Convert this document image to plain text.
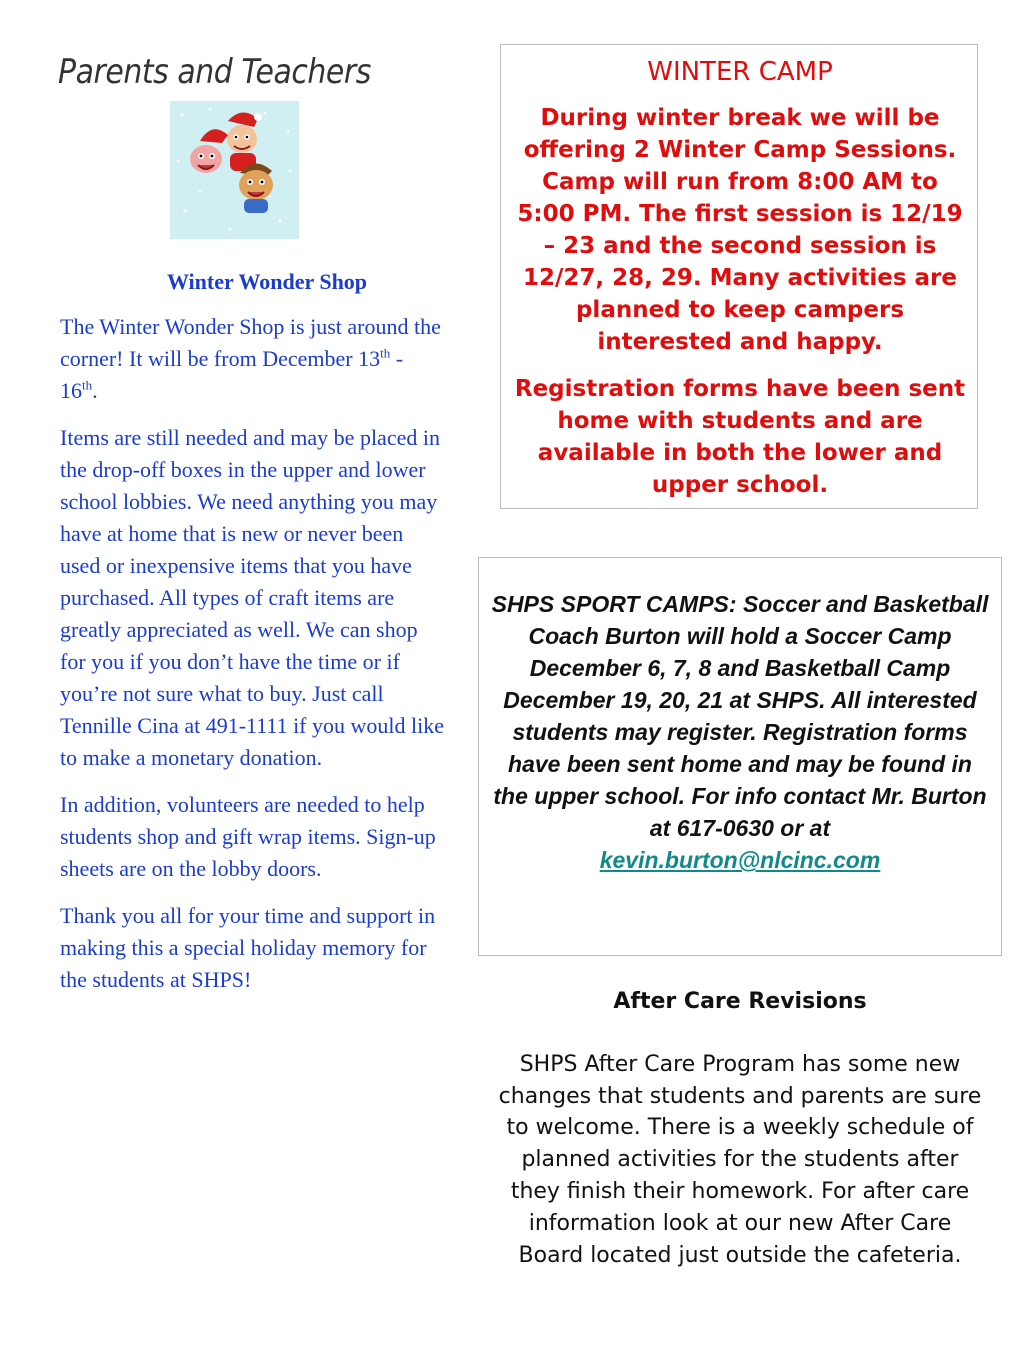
Parents and Teachers
Winter Wonder Shop

The Winter Wonder Shop is just around the corner! It will be from December 13th - 16th.

Items are still needed and may be placed in the drop-off boxes in the upper and lower school lobbies. We need anything you may have at home that is new or never been used or inexpensive items that you have purchased. All types of craft items are greatly appreciated as well. We can shop for you if you don’t have the time or if you’re not sure what to buy. Just call Tennille Cina at 491-1111 if you would like to make a monetary donation.

In addition, volunteers are needed to help students shop and gift wrap items. Sign-up sheets are on the lobby doors.

Thank you all for your time and support in making this a special holiday memory for the students at SHPS!

WINTER CAMP

During winter break we will be offering 2 Winter Camp Sessions. Camp will run from 8:00 AM to 5:00 PM. The first session is 12/19 – 23 and the second session is 12/27, 28, 29. Many activities are planned to keep campers interested and happy.

Registration forms have been sent home with students and are available in both the lower and upper school.

SHPS SPORT CAMPS: Soccer and Basketball
Coach Burton will hold a Soccer Camp December 6, 7, 8 and Basketball Camp December 19, 20, 21 at SHPS. All interested students may register. Registration forms have been sent home and may be found in the upper school. For info contact Mr. Burton at 617-0630 or at
kevin.burton@nlcinc.com
After Care Revisions
SHPS After Care Program has some new changes that students and parents are sure to welcome. There is a weekly schedule of planned activities for the students after they finish their homework. For after care information look at our new After Care Board located just outside the cafeteria.
